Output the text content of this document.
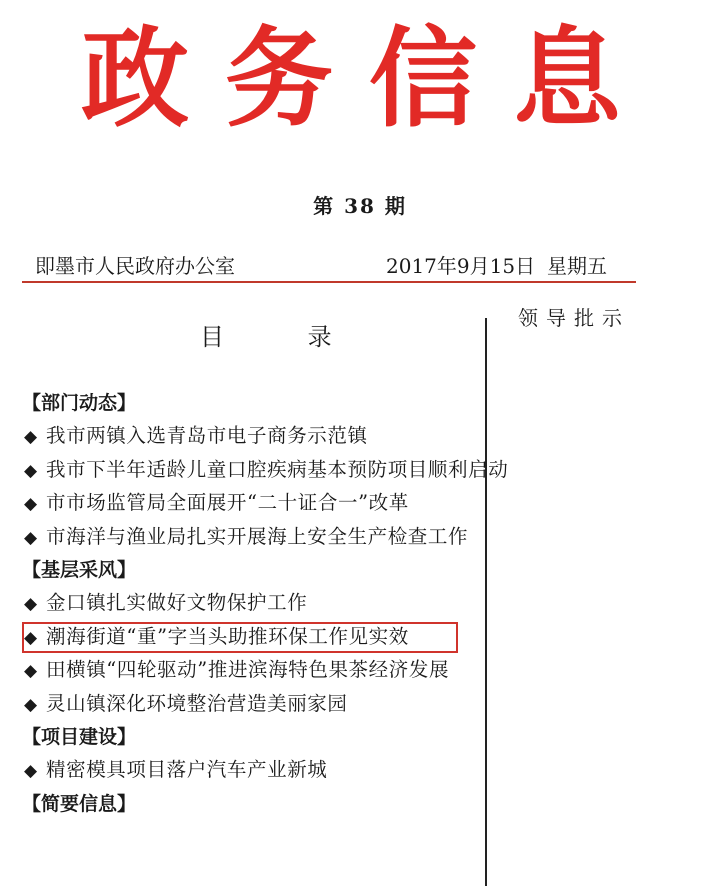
政务信息
第 38 期
即墨市人民政府办公室	2017年9月15日 星期五
领导批示
目 录
【部门动态】
◆ 我市两镇入选青岛市电子商务示范镇
◆ 我市下半年适龄儿童口腔疾病基本预防项目顺利启动
◆ 市市场监管局全面展开“二十证合一”改革
◆ 市海洋与渔业局扎实开展海上安全生产检查工作
【基层采风】
◆ 金口镇扎实做好文物保护工作
◆ 潮海街道“重”字当头助推环保工作见实效
◆ 田横镇“四轮驱动”推进滨海特色果茶经济发展
◆ 灵山镇深化环境整治营造美丽家园
【项目建设】
◆ 精密模具项目落户汽车产业新城
【简要信息】
